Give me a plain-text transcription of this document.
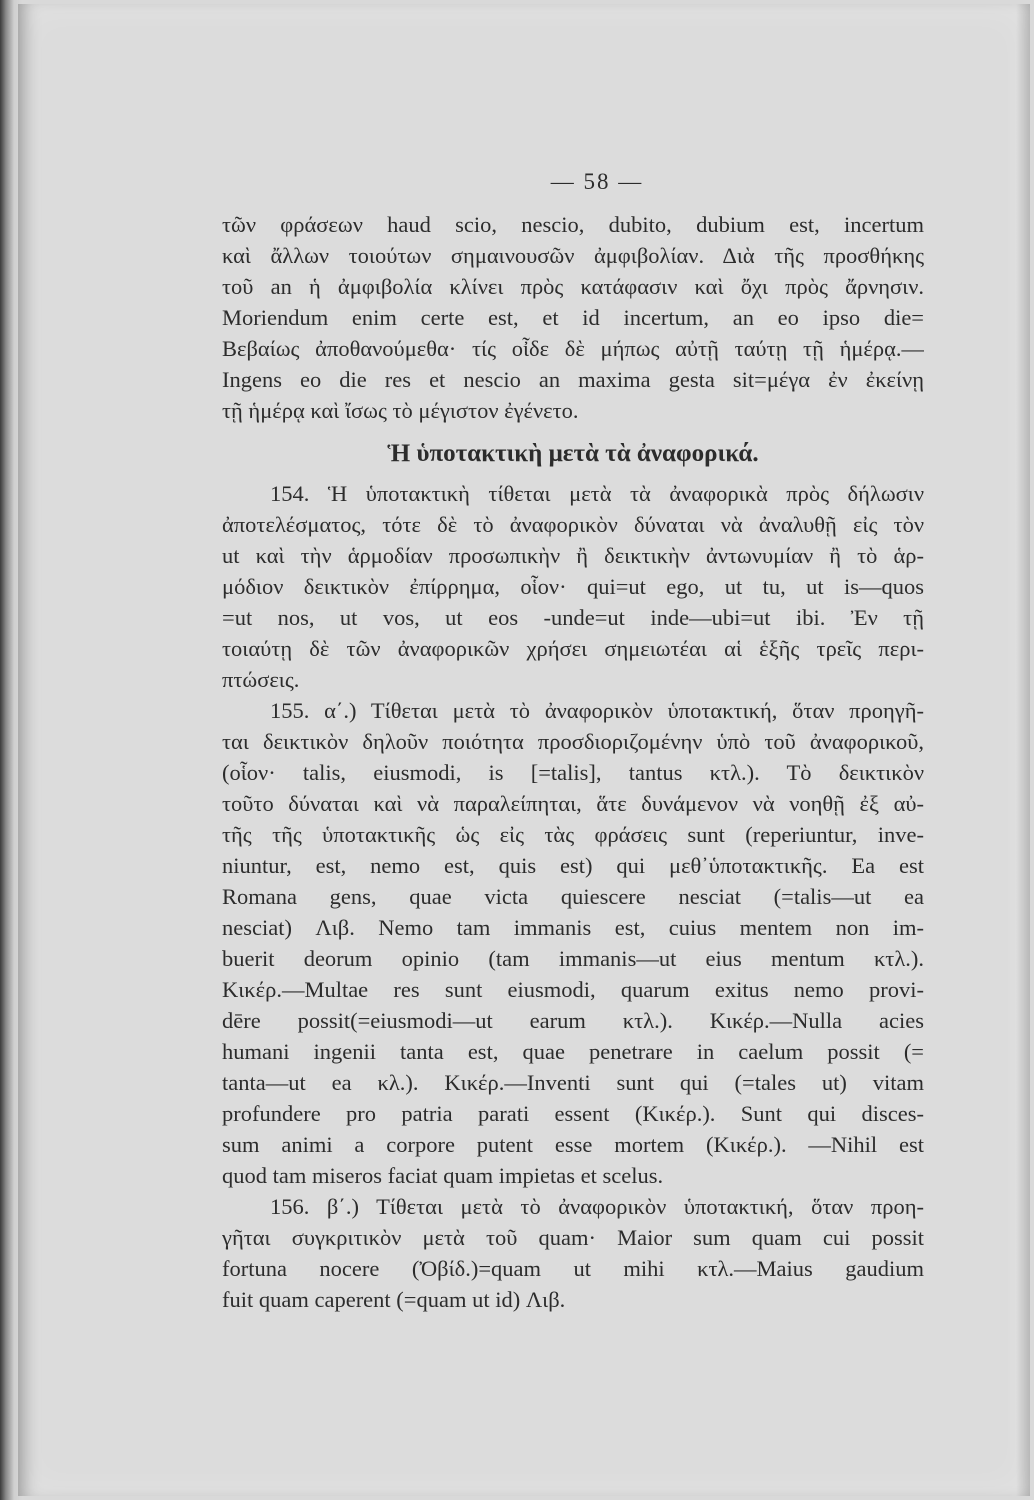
— 58 —
τῶν φράσεων haud scio, nescio, dubito, dubium est, incertum
καὶ ἄλλων τοιούτων σημαινουσῶν ἀμφιβολίαν. Διὰ τῆς προσθήκης
τοῦ an ἡ ἀμφιβολία κλίνει πρὸς κατάφασιν καὶ ὄχι πρὸς ἄρνησιν.
Moriendum enim certe est, et id incertum, an eo ipso die=
Βεβαίως ἀποθανούμεθα· τίς οἶδε δὲ μήπως αὐτῇ ταύτῃ τῇ ἡμέρᾳ.—
Ingens eo die res et nescio an maxima gesta sit=μέγα ἐν ἐκείνῃ
τῇ ἡμέρᾳ καὶ ἴσως τὸ μέγιστον ἐγένετο.
Ἡ ὑποτακτικὴ μετὰ τὰ ἀναφορικά.
154. Ἡ ὑποτακτικὴ τίθεται μετὰ τὰ ἀναφορικὰ πρὸς δήλωσιν
ἀποτελέσματος, τότε δὲ τὸ ἀναφορικὸν δύναται νὰ ἀναλυθῇ εἰς τὸν
ut καὶ τὴν ἁρμοδίαν προσωπικὴν ἢ δεικτικὴν ἀντωνυμίαν ἢ τὸ ἁρ-
μόδιον δεικτικὸν ἐπίρρημα, οἷον· qui=ut ego, ut tu, ut is—quos
=ut nos, ut vos, ut eos -unde=ut inde—ubi=ut ibi. Ἐν τῇ
τοιαύτῃ δὲ τῶν ἀναφορικῶν χρήσει σημειωτέαι αἱ ἑξῆς τρεῖς περι-
πτώσεις.
155. α΄.) Τίθεται μετὰ τὸ ἀναφορικὸν ὑποτακτική, ὅταν προηγῆ-
ται δεικτικὸν δηλοῦν ποιότητα προσδιοριζομένην ὑπὸ τοῦ ἀναφορικοῦ,
(οἷον· talis, eiusmodi, is [=talis], tantus κτλ.). Τὸ δεικτικὸν
τοῦτο δύναται καὶ νὰ παραλείπηται, ἅτε δυνάμενον νὰ νοηθῇ ἐξ αὐ-
τῆς τῆς ὑποτακτικῆς ὡς εἰς τὰς φράσεις sunt (reperiuntur, inve-
niuntur, est, nemo est, quis est) qui μεθ᾽ὑποτακτικῆς. Ea est
Romana gens, quae victa quiescere nesciat (=talis—ut ea
nesciat) Λιβ. Nemo tam immanis est, cuius mentem non im-
buerit deorum opinio (tam immanis—ut eius mentum κτλ.).
Κικέρ.—Multae res sunt eiusmodi, quarum exitus nemo provi-
dēre possit(=eiusmodi—ut earum κτλ.). Κικέρ.—Nulla acies
humani ingenii tanta est, quae penetrare in caelum possit (=
tanta—ut ea κλ.). Κικέρ.—Inventi sunt qui (=tales ut) vitam
profundere pro patria parati essent (Κικέρ.). Sunt qui disces-
sum animi a corpore putent esse mortem (Κικέρ.). —Nihil est
quod tam miseros faciat quam impietas et scelus.
156. β΄.) Τίθεται μετὰ τὸ ἀναφορικὸν ὑποτακτική, ὅταν προη-
γῆται συγκριτικὸν μετὰ τοῦ quam· Maior sum quam cui possit
fortuna nocere (Ὀβίδ.)=quam ut mihi κτλ.—Maius gaudium
fuit quam caperent (=quam ut id) Λιβ.
